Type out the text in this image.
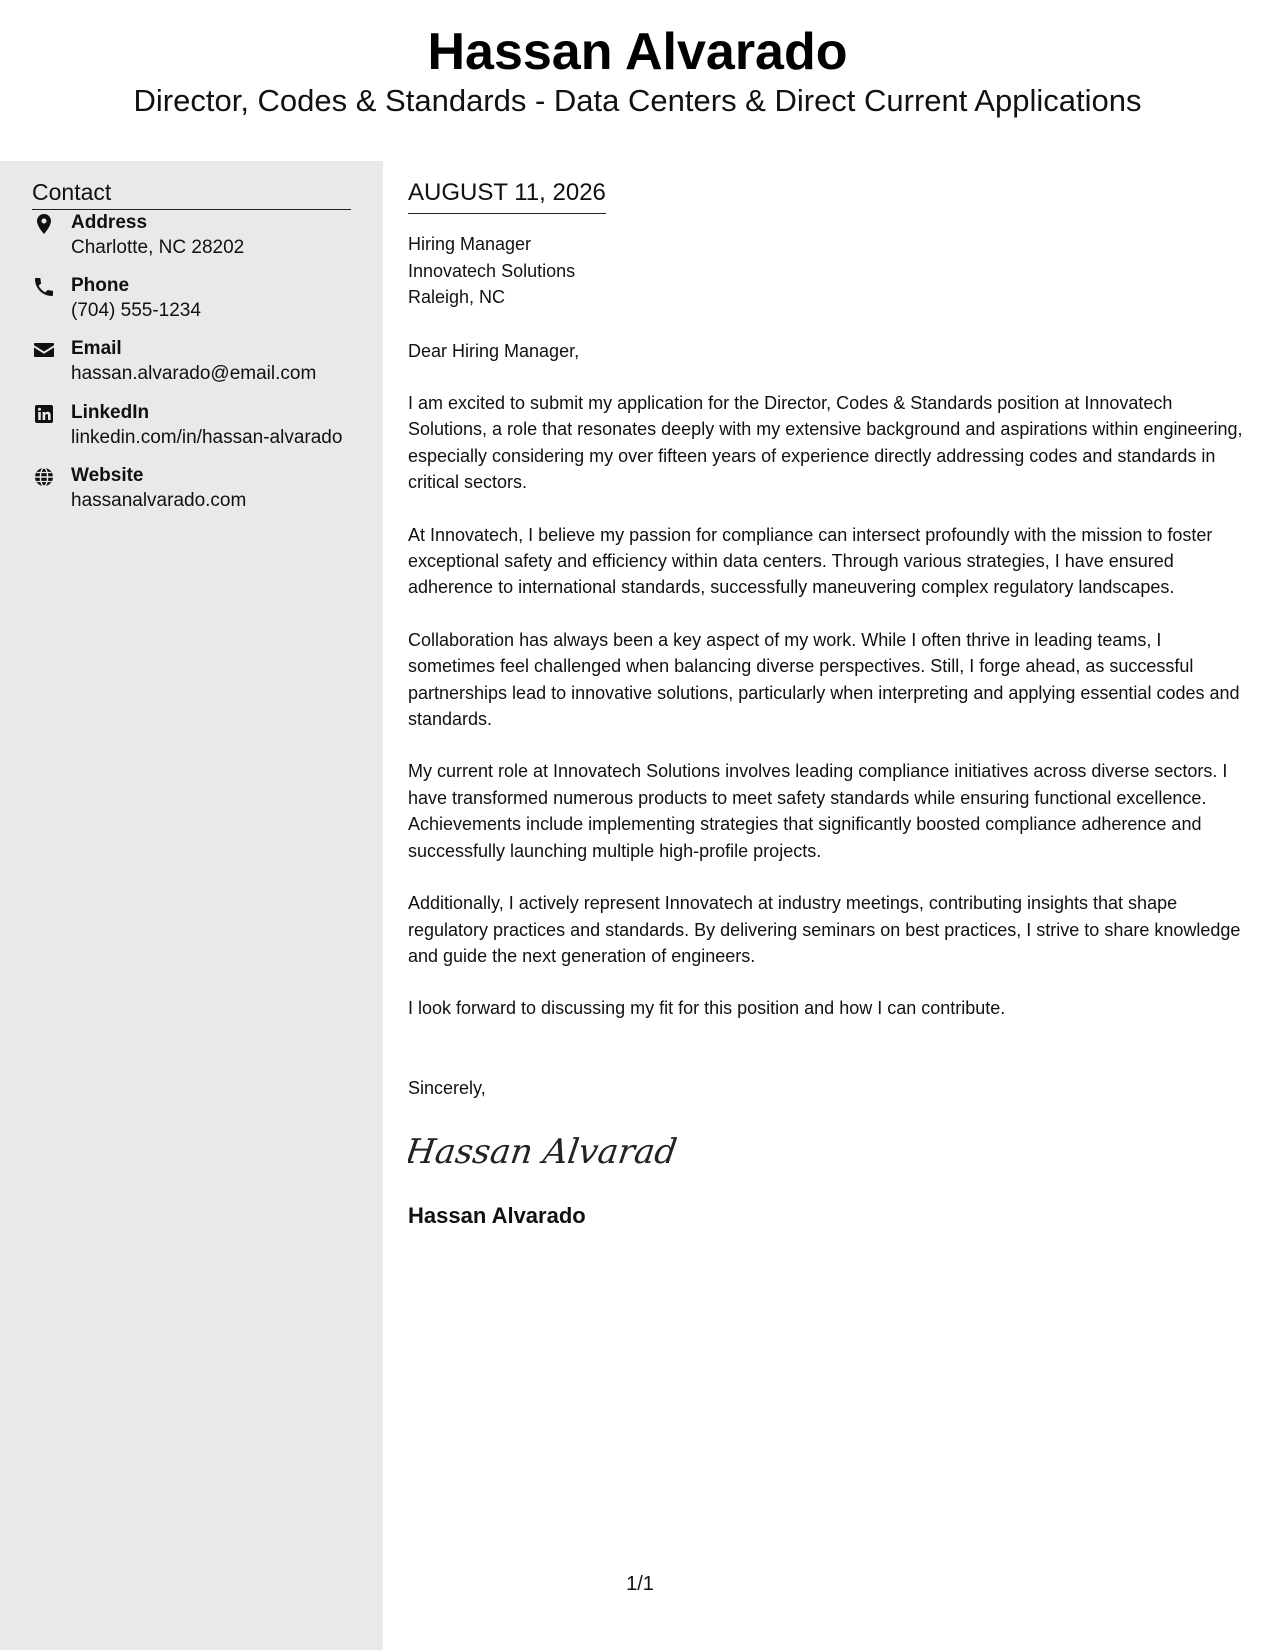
Hassan Alvarado
Director, Codes & Standards - Data Centers & Direct Current Applications
Contact
Address
Charlotte, NC 28202
Phone
(704) 555-1234
Email
hassan.alvarado@email.com
LinkedIn
linkedin.com/in/hassan-alvarado
Website
hassanalvarado.com
AUGUST 11, 2026
Hiring Manager
Innovatech Solutions
Raleigh, NC
Dear Hiring Manager,
I am excited to submit my application for the Director, Codes & Standards position at Innovatech Solutions, a role that resonates deeply with my extensive background and aspirations within engineering, especially considering my over fifteen years of experience directly addressing codes and standards in critical sectors.
At Innovatech, I believe my passion for compliance can intersect profoundly with the mission to foster exceptional safety and efficiency within data centers. Through various strategies, I have ensured adherence to international standards, successfully maneuvering complex regulatory landscapes.
Collaboration has always been a key aspect of my work. While I often thrive in leading teams, I sometimes feel challenged when balancing diverse perspectives. Still, I forge ahead, as successful partnerships lead to innovative solutions, particularly when interpreting and applying essential codes and standards.
My current role at Innovatech Solutions involves leading compliance initiatives across diverse sectors. I have transformed numerous products to meet safety standards while ensuring functional excellence. Achievements include implementing strategies that significantly boosted compliance adherence and successfully launching multiple high-profile projects.
Additionally, I actively represent Innovatech at industry meetings, contributing insights that shape regulatory practices and standards. By delivering seminars on best practices, I strive to share knowledge and guide the next generation of engineers.
I look forward to discussing my fit for this position and how I can contribute.
Sincerely,
Hassan Alvarad
Hassan Alvarado
1/1
